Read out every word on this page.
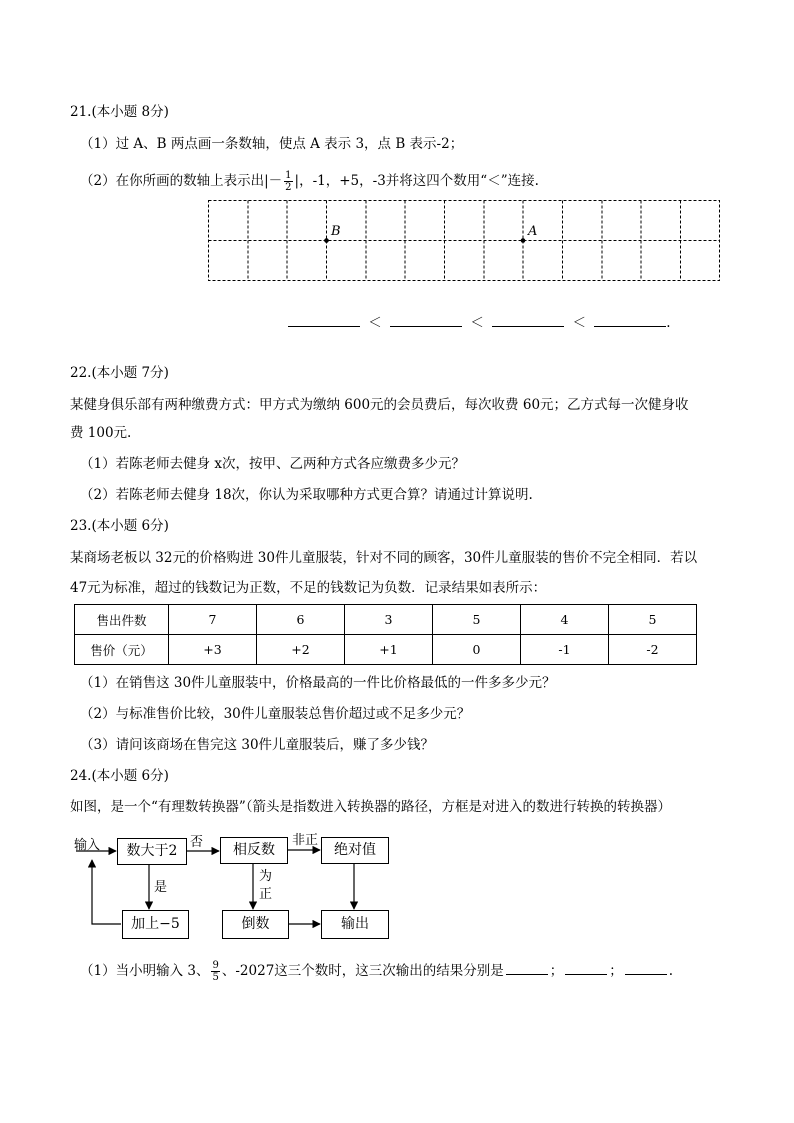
21.(本小题 8分)
（1）过 A、B 两点画一条数轴，使点 A 表示 3，点 B 表示-2；
（2）在你所画的数轴上表示出|－ $\frac{1}{2}$ |，-1，+5，-3并将这四个数用“＜”连接.
B	A
＜	＜	＜	.
22.(本小题 7分)
某健身俱乐部有两种缴费方式：甲方式为缴纳 600元的会员费后，每次收费 60元；乙方式每一次健身收
费 100元.
（1）若陈老师去健身 x次，按甲、乙两种方式各应缴费多少元？
（2）若陈老师去健身 18次，你认为采取哪种方式更合算？请通过计算说明.
23.(本小题 6分)
某商场老板以 32元的价格购进 30件儿童服装，针对不同的顾客，30件儿童服装的售价不完全相同．若以
47元为标准，超过的钱数记为正数，不足的钱数记为负数．记录结果如表所示：
售出件数	7	6	3	5	4	5
售价（元）	+3	+2	+1	0	-1	-2
（1）在销售这 30件儿童服装中，价格最高的一件比价格最低的一件多多少元？
（2）与标准售价比较，30件儿童服装总售价超过或不足多少元？
（3）请问该商场在售完这 30件儿童服装后，赚了多少钱？
24.(本小题 6分)
如图，是一个“有理数转换器”（箭头是指数进入转换器的路径，方框是对进入的数进行转换的转换器）
输入	数大于2
否	相反数
非正
绝对值
是
为
正
加上−5	倒数	输出
（1）当小明输入 3、 $\frac{9}{5}$ 、-2027这三个数时，这三次输出的结果分别是	；	；	.
